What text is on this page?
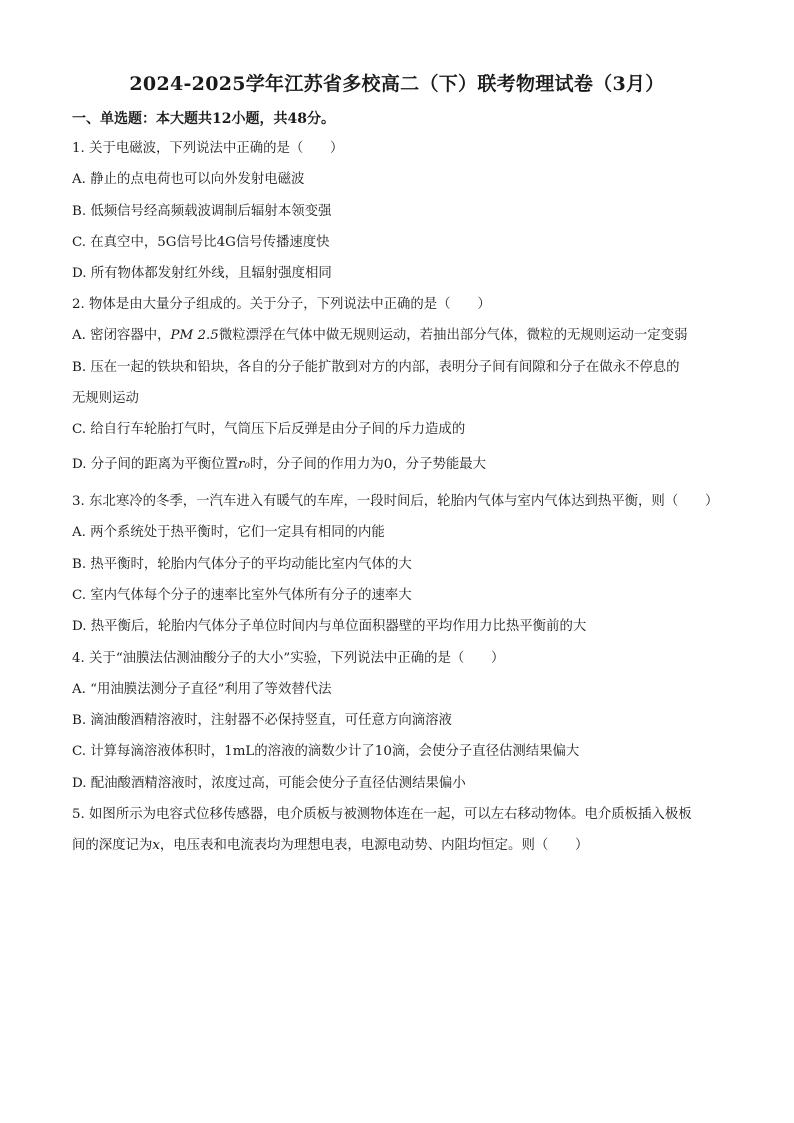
2024-2025学年江苏省多校高二（下）联考物理试卷（3月）
一、单选题：本大题共12小题，共48分。
1. 关于电磁波，下列说法中正确的是（　　）
A. 静止的点电荷也可以向外发射电磁波
B. 低频信号经高频载波调制后辐射本领变强
C. 在真空中，5G信号比4G信号传播速度快
D. 所有物体都发射红外线，且辐射强度相同
2. 物体是由大量分子组成的。关于分子，下列说法中正确的是（　　）
A. 密闭容器中，PM 2.5微粒漂浮在气体中做无规则运动，若抽出部分气体，微粒的无规则运动一定变弱
B. 压在一起的铁块和铅块，各自的分子能扩散到对方的内部，表明分子间有间隙和分子在做永不停息的
无规则运动
C. 给自行车轮胎打气时，气筒压下后反弹是由分子间的斥力造成的
D. 分子间的距离为平衡位置r₀时，分子间的作用力为0，分子势能最大
3. 东北寒冷的冬季，一汽车进入有暖气的车库，一段时间后，轮胎内气体与室内气体达到热平衡，则（　　）
A. 两个系统处于热平衡时，它们一定具有相同的内能
B. 热平衡时，轮胎内气体分子的平均动能比室内气体的大
C. 室内气体每个分子的速率比室外气体所有分子的速率大
D. 热平衡后，轮胎内气体分子单位时间内与单位面积器壁的平均作用力比热平衡前的大
4. 关于“油膜法估测油酸分子的大小”实验，下列说法中正确的是（　　）
A. “用油膜法测分子直径”利用了等效替代法
B. 滴油酸酒精溶液时，注射器不必保持竖直，可任意方向滴溶液
C. 计算每滴溶液体积时，1mL的溶液的滴数少计了10滴，会使分子直径估测结果偏大
D. 配油酸酒精溶液时，浓度过高，可能会使分子直径估测结果偏小
5. 如图所示为电容式位移传感器，电介质板与被测物体连在一起，可以左右移动物体。电介质板插入极板
间的深度记为x，电压表和电流表均为理想电表，电源电动势、内阻均恒定。则（　　）
